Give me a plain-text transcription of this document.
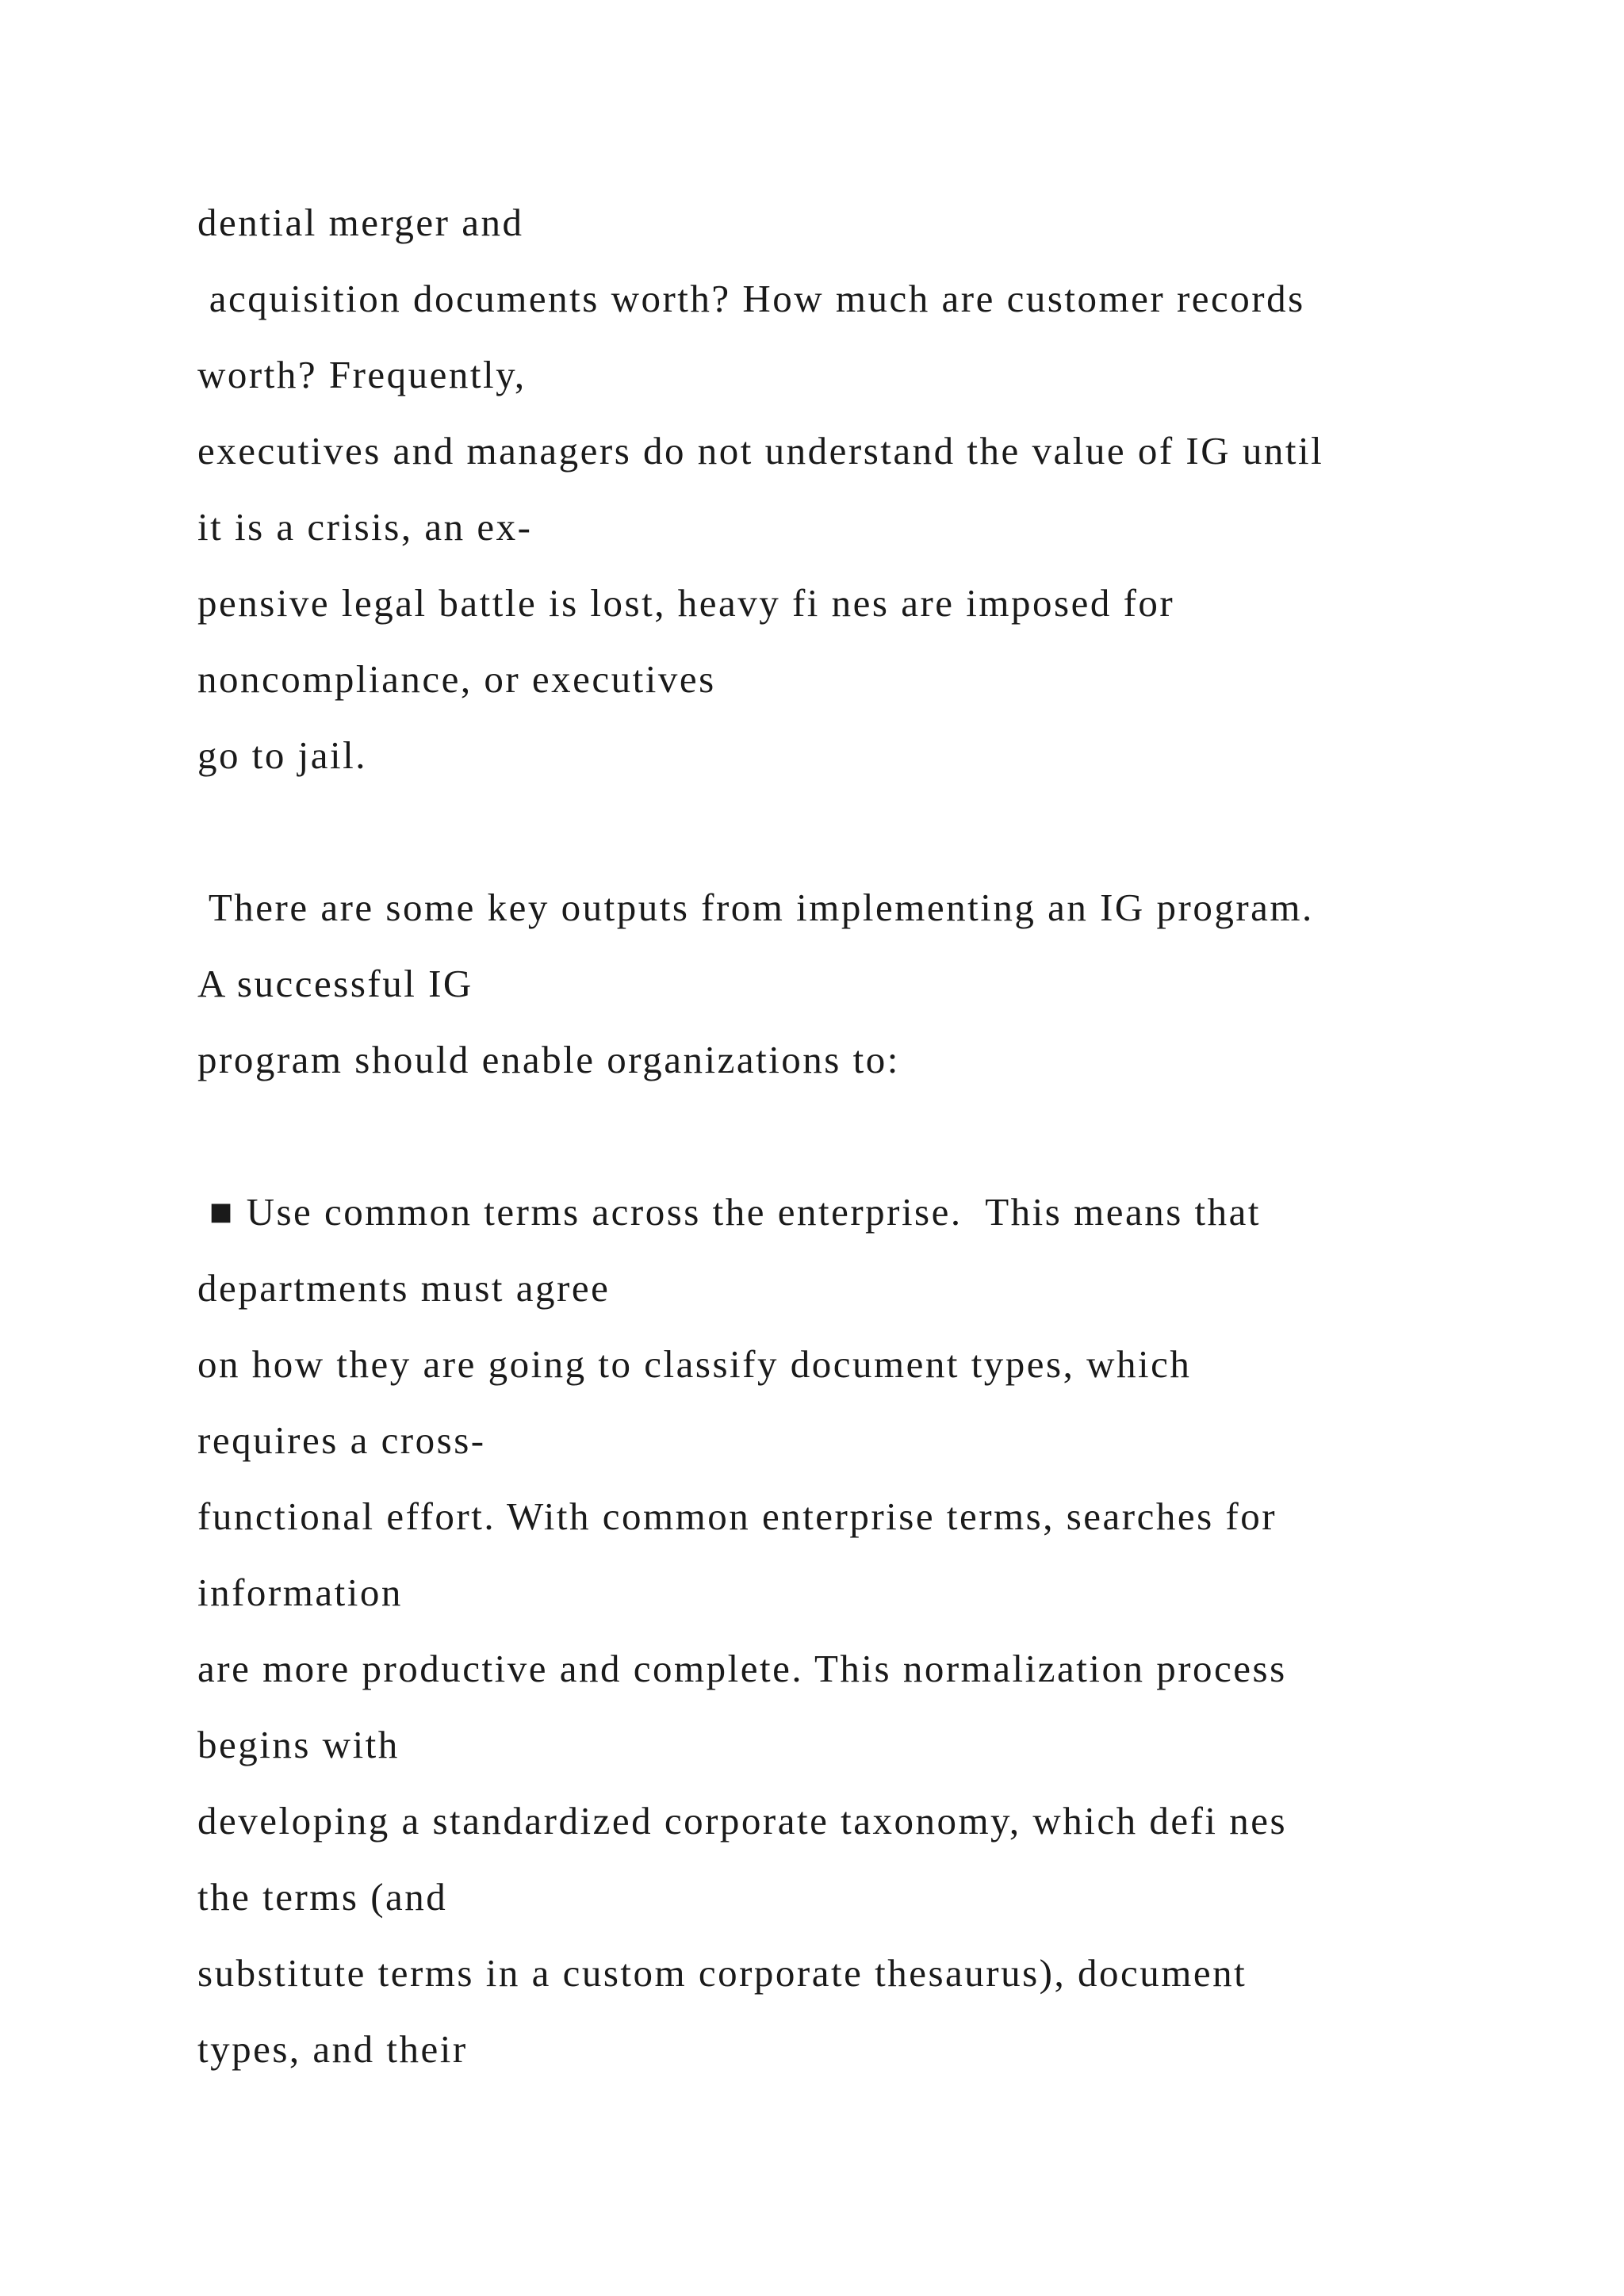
dential merger and

acquisition documents worth? How much are customer records

worth? Frequently,

executives and managers do not understand the value of IG until

it is a crisis, an ex-

pensive legal battle is lost, heavy fi nes are imposed for

noncompliance, or executives

go to jail.

There are some key outputs from implementing an IG program.

A successful IG

program should enable organizations to:

■ Use common terms across the enterprise.  This means that

departments must agree

on how they are going to classify document types, which

requires a cross-

functional effort. With common enterprise terms, searches for

information

are more productive and complete. This normalization process

begins with

developing a standardized corporate taxonomy, which defi nes

the terms (and

substitute terms in a custom corporate thesaurus), document

types, and their
